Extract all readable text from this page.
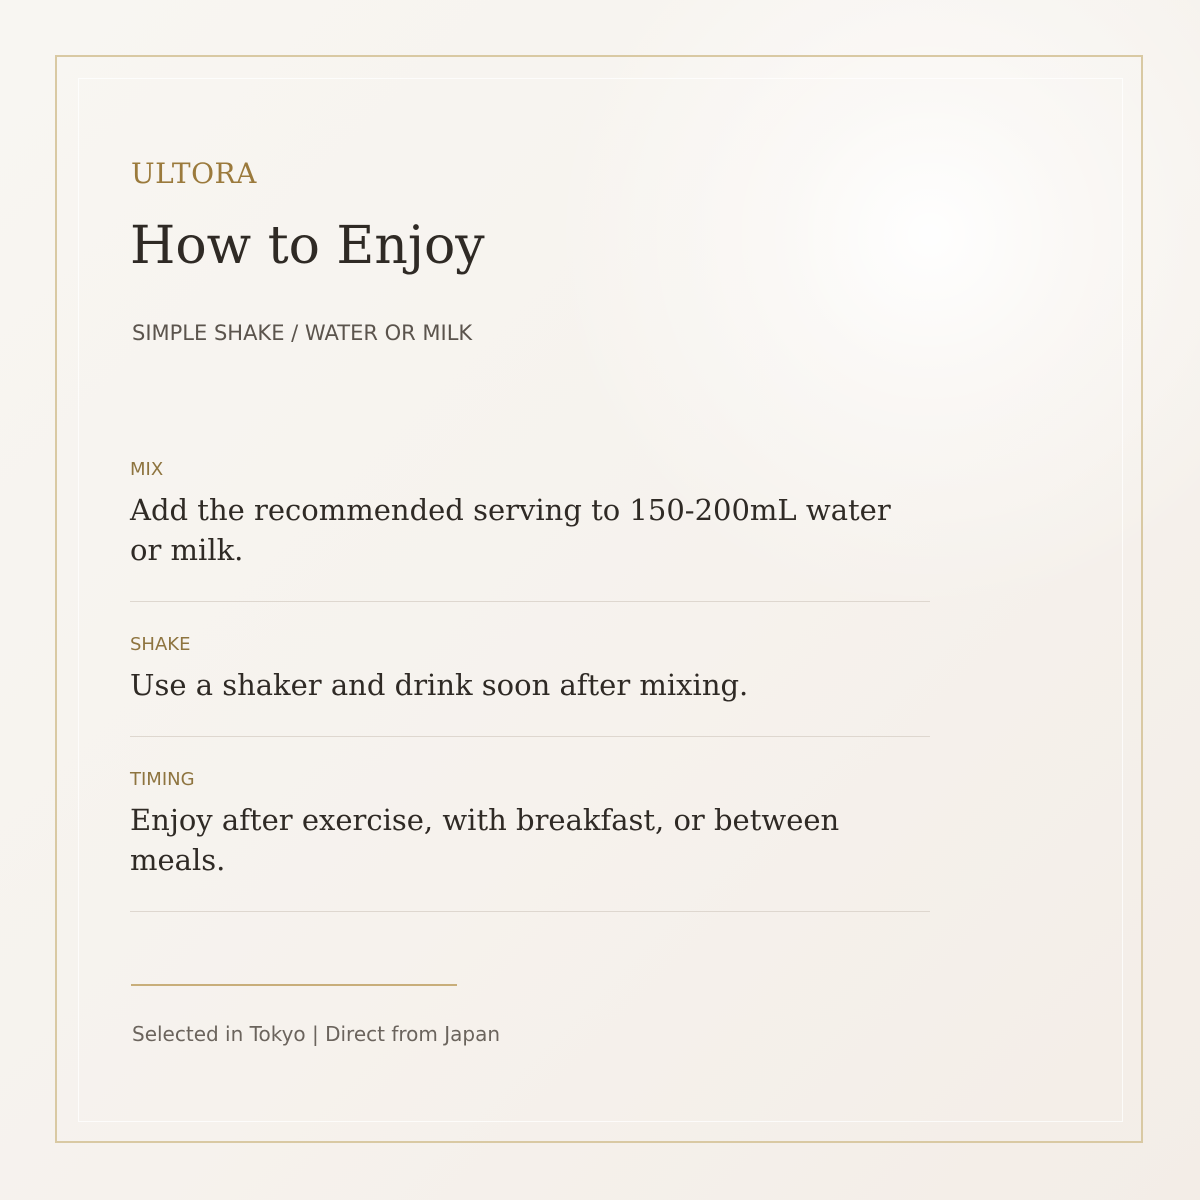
ULTORA
How to Enjoy
SIMPLE SHAKE / WATER OR MILK
MIX
Add the recommended serving to 150-200mL water or milk.
SHAKE
Use a shaker and drink soon after mixing.
TIMING
Enjoy after exercise, with breakfast, or between meals.
Selected in Tokyo | Direct from Japan
